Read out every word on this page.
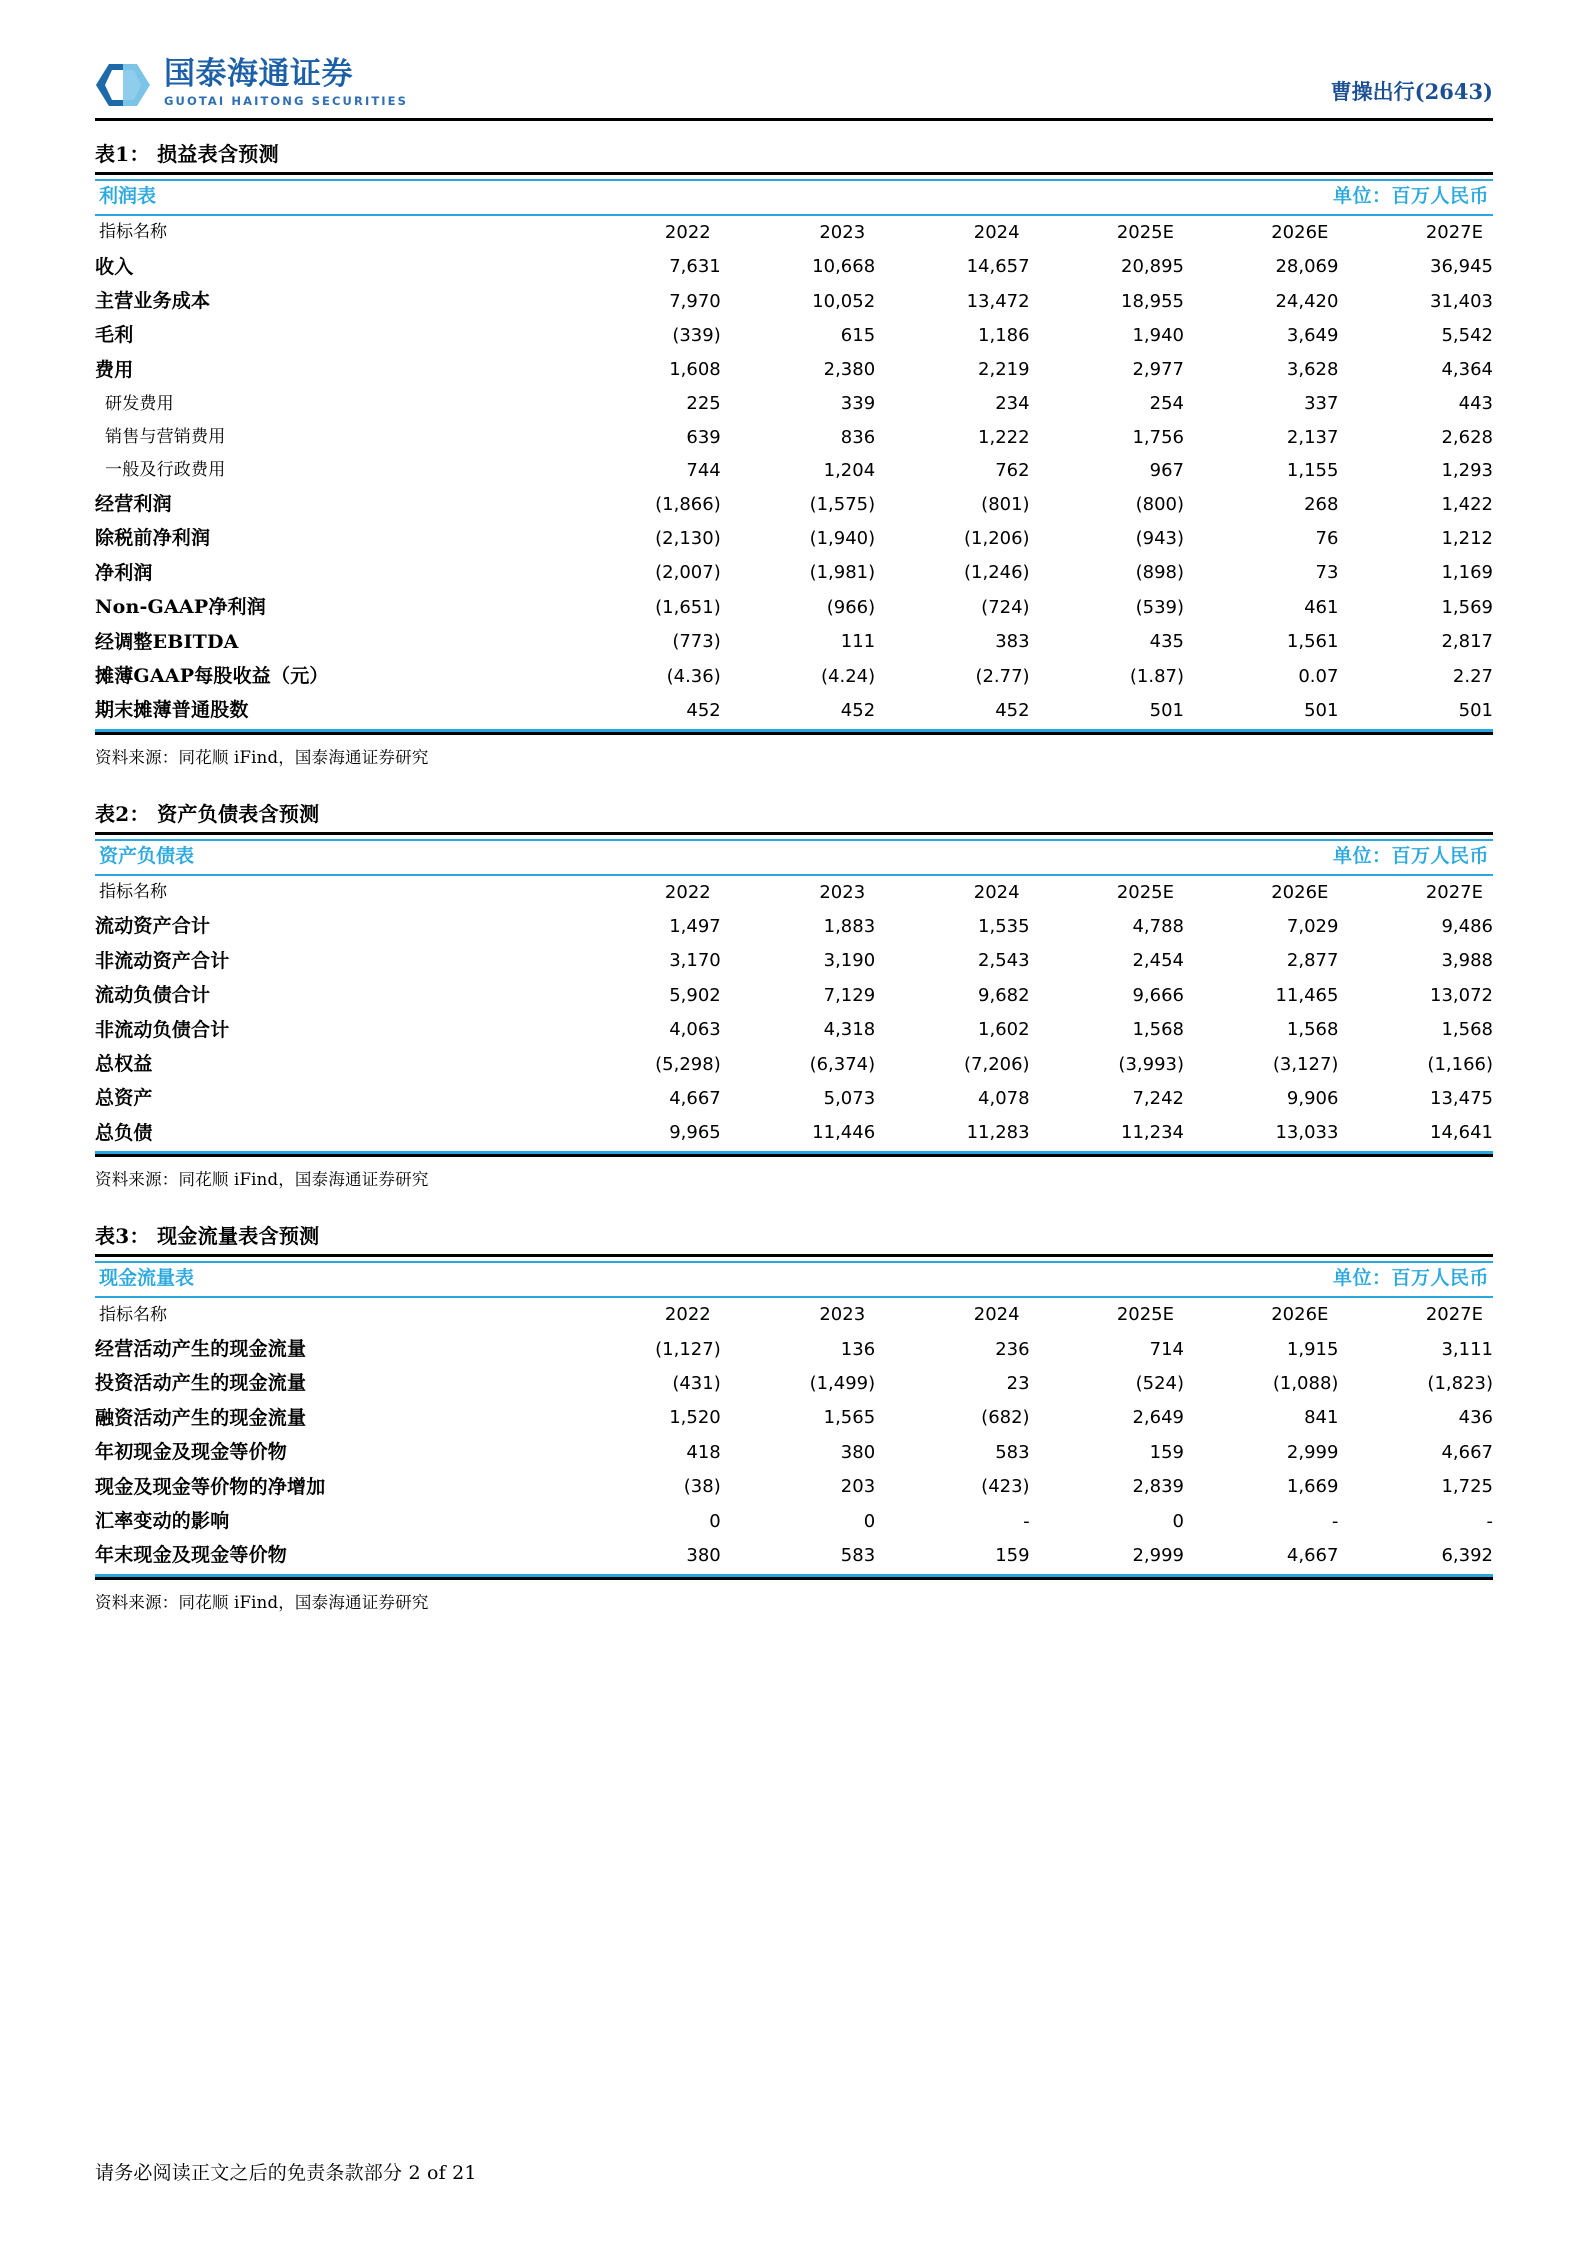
国泰海通证券
GUOTAI HAITONG SECURITIES	曹操出行(2643)
表1： 损益表含预测
利润表	单位：百万人民币					
指标名称	2022	2023	2024	2025E	2026E	2027E
收入	7,631	10,668	14,657	20,895	28,069	36,945
主营业务成本	7,970	10,052	13,472	18,955	24,420	31,403
毛利	(339)	615	1,186	1,940	3,649	5,542
费用	1,608	2,380	2,219	2,977	3,628	4,364
研发费用	225	339	234	254	337	443
销售与营销费用	639	836	1,222	1,756	2,137	2,628
一般及行政费用	744	1,204	762	967	1,155	1,293
经营利润	(1,866)	(1,575)	(801)	(800)	268	1,422
除税前净利润	(2,130)	(1,940)	(1,206)	(943)	76	1,212
净利润	(2,007)	(1,981)	(1,246)	(898)	73	1,169
Non-GAAP净利润	(1,651)	(966)	(724)	(539)	461	1,569
经调整EBITDA	(773)	111	383	435	1,561	2,817
摊薄GAAP每股收益（元）	(4.36)	(4.24)	(2.77)	(1.87)	0.07	2.27
期末摊薄普通股数	452	452	452	501	501	501
资料来源：同花顺 iFind，国泰海通证券研究
表2： 资产负债表含预测
资产负债表	单位：百万人民币					
指标名称	2022	2023	2024	2025E	2026E	2027E
流动资产合计	1,497	1,883	1,535	4,788	7,029	9,486
非流动资产合计	3,170	3,190	2,543	2,454	2,877	3,988
流动负债合计	5,902	7,129	9,682	9,666	11,465	13,072
非流动负债合计	4,063	4,318	1,602	1,568	1,568	1,568
总权益	(5,298)	(6,374)	(7,206)	(3,993)	(3,127)	(1,166)
总资产	4,667	5,073	4,078	7,242	9,906	13,475
总负债	9,965	11,446	11,283	11,234	13,033	14,641
资料来源：同花顺 iFind，国泰海通证券研究
表3： 现金流量表含预测
现金流量表	单位：百万人民币					
指标名称	2022	2023	2024	2025E	2026E	2027E
经营活动产生的现金流量	(1,127)	136	236	714	1,915	3,111
投资活动产生的现金流量	(431)	(1,499)	23	(524)	(1,088)	(1,823)
融资活动产生的现金流量	1,520	1,565	(682)	2,649	841	436
年初现金及现金等价物	418	380	583	159	2,999	4,667
现金及现金等价物的净增加	(38)	203	(423)	2,839	1,669	1,725
汇率变动的影响	0	0	-	0	-	-
年末现金及现金等价物	380	583	159	2,999	4,667	6,392
资料来源：同花顺 iFind，国泰海通证券研究
请务必阅读正文之后的免责条款部分 2 of 21
